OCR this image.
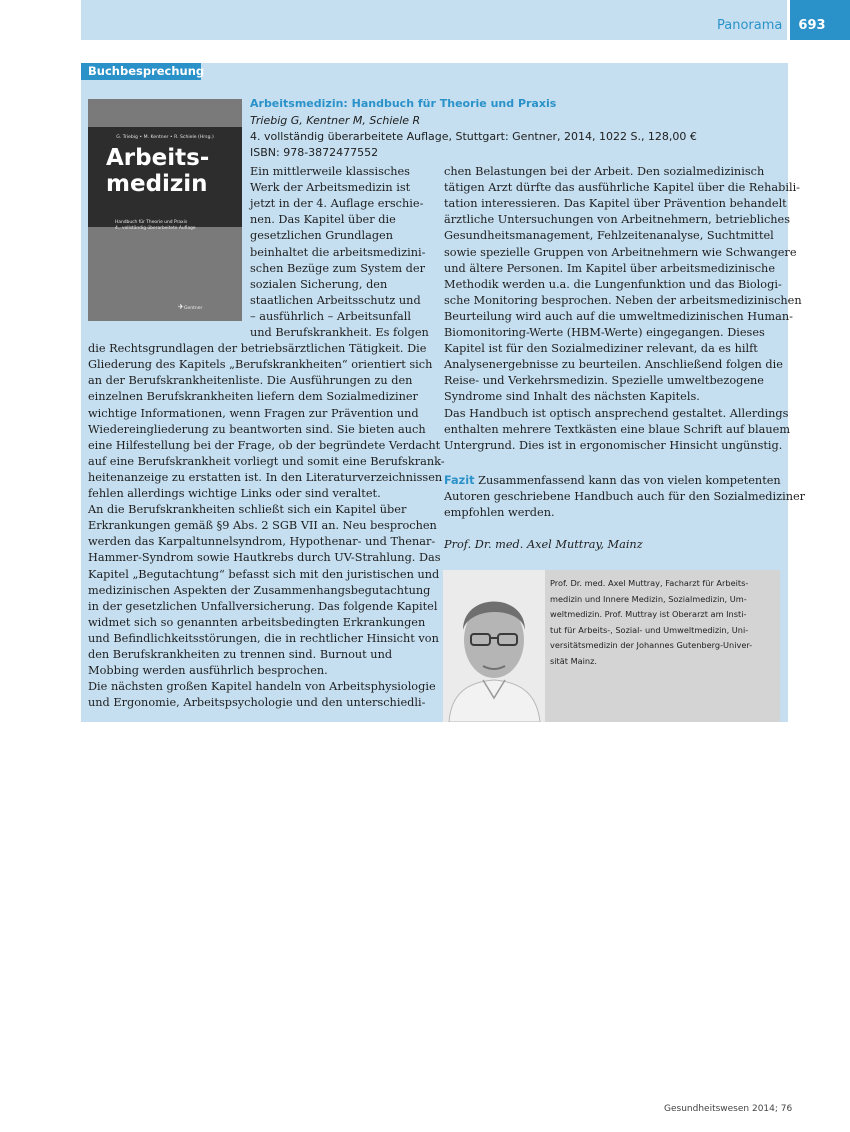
Panorama	693
Buchbesprechung
G. Triebig • M. Kentner • R. Schiele (Hrsg.)
Arbeits-
medizin
Handbuch für Theorie und Praxis
4., vollständig überarbeitete Auflage
✈ Gentner
Arbeitsmedizin: Handbuch für Theorie und Praxis
Triebig G, Kentner M, Schiele R
4. vollständig überarbeitete Auflage, Stuttgart: Gentner, 2014, 1022 S., 128,00 €
ISBN: 978-3872477552
Ein mittlerweile klassisches
Werk der Arbeitsmedizin ist
jetzt in der 4. Auflage erschie-
nen. Das Kapitel über die
gesetzlichen Grundlagen
beinhaltet die arbeitsmedizini-
schen Bezüge zum System der
sozialen Sicherung, den
staatlichen Arbeitsschutz und
– ausführlich – Arbeitsunfall
und Berufskrankheit. Es folgen
die Rechtsgrundlagen der betriebsärztlichen Tätigkeit. Die
Gliederung des Kapitels „Berufskrankheiten“ orientiert sich
an der Berufskrankheitenliste. Die Ausführungen zu den
einzelnen Berufskrankheiten liefern dem Sozialmediziner
wichtige Informationen, wenn Fragen zur Prävention und
Wiedereingliederung zu beantworten sind. Sie bieten auch
eine Hilfestellung bei der Frage, ob der begründete Verdacht
auf eine Berufskrankheit vorliegt und somit eine Berufskrank-
heitenanzeige zu erstatten ist. In den Literaturverzeichnissen
fehlen allerdings wichtige Links oder sind veraltet.
An die Berufskrankheiten schließt sich ein Kapitel über
Erkrankungen gemäß §9 Abs. 2 SGB VII an. Neu besprochen
werden das Karpaltunnelsyndrom, Hypothenar- und Thenar-
Hammer-Syndrom sowie Hautkrebs durch UV-Strahlung. Das
Kapitel „Begutachtung“ befasst sich mit den juristischen und
medizinischen Aspekten der Zusammenhangsbegutachtung
in der gesetzlichen Unfallversicherung. Das folgende Kapitel
widmet sich so genannten arbeitsbedingten Erkrankungen
und Befindlichkeitsstörungen, die in rechtlicher Hinsicht von
den Berufskrankheiten zu trennen sind. Burnout und
Mobbing werden ausführlich besprochen.
Die nächsten großen Kapitel handeln von Arbeitsphysiologie
und Ergonomie, Arbeitspsychologie und den unterschiedli-
chen Belastungen bei der Arbeit. Den sozialmedizinisch
tätigen Arzt dürfte das ausführliche Kapitel über die Rehabili-
tation interessieren. Das Kapitel über Prävention behandelt
ärztliche Untersuchungen von Arbeitnehmern, betriebliches
Gesundheitsmanagement, Fehlzeitenanalyse, Suchtmittel
sowie spezielle Gruppen von Arbeitnehmern wie Schwangere
und ältere Personen. Im Kapitel über arbeitsmedizinische
Methodik werden u.a. die Lungenfunktion und das Biologi-
sche Monitoring besprochen. Neben der arbeitsmedizinischen
Beurteilung wird auch auf die umweltmedizinischen Human-
Biomonitoring-Werte (HBM-Werte) eingegangen. Dieses
Kapitel ist für den Sozialmediziner relevant, da es hilft
Analysenergebnisse zu beurteilen. Anschließend folgen die
Reise- und Verkehrsmedizin. Spezielle umweltbezogene
Syndrome sind Inhalt des nächsten Kapitels.
Das Handbuch ist optisch ansprechend gestaltet. Allerdings
enthalten mehrere Textkästen eine blaue Schrift auf blauem
Untergrund. Dies ist in ergonomischer Hinsicht ungünstig.
Fazit Zusammenfassend kann das von vielen kompetenten
Autoren geschriebene Handbuch auch für den Sozialmediziner
empfohlen werden.
Prof. Dr. med. Axel Muttray, Mainz
Prof. Dr. med. Axel Muttray, Facharzt für Arbeits-
medizin und Innere Medizin, Sozialmedizin, Um-
weltmedizin. Prof. Muttray ist Oberarzt am Insti-
tut für Arbeits-, Sozial- und Umweltmedizin, Uni-
versitätsmedizin der Johannes Gutenberg-Univer-
sität Mainz.
Gesundheitswesen 2014; 76
